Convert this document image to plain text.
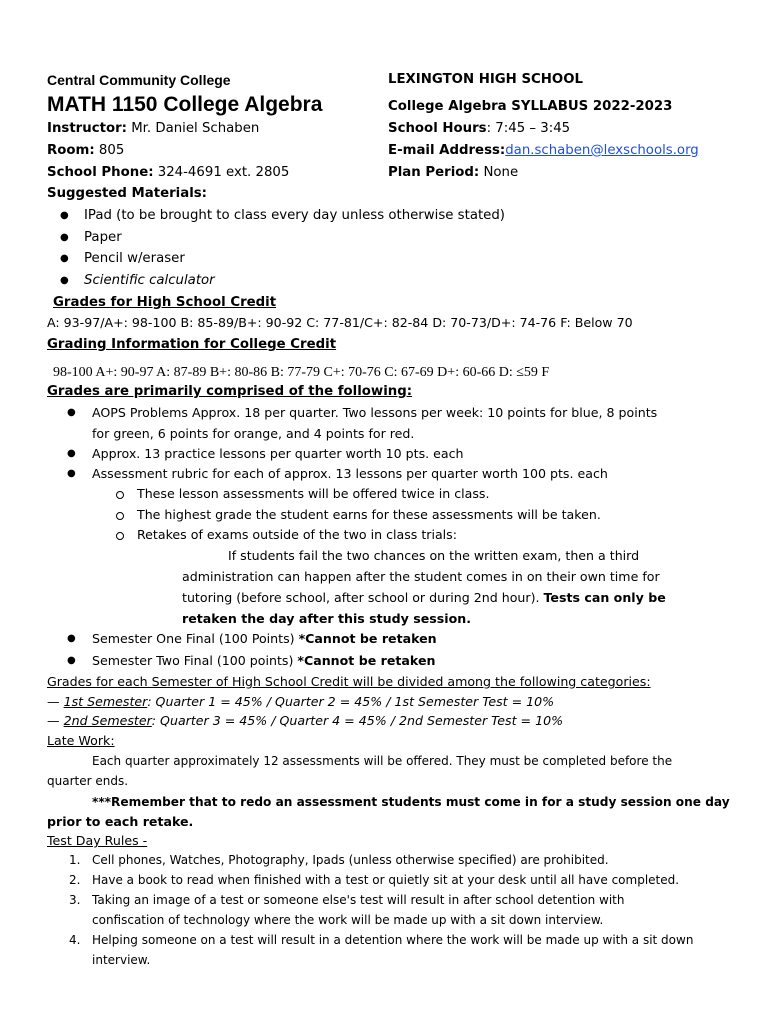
Central Community College
MATH 1150 College Algebra
Instructor: Mr. Daniel Schaben
Room: 805
School Phone: 324-4691 ext. 2805
LEXINGTON HIGH SCHOOL
College Algebra SYLLABUS 2022-2023
School Hours: 7:45 – 3:45
E-mail Address:dan.schaben@lexschools.org
Plan Period: None
Suggested Materials:
● IPad (to be brought to class every day unless otherwise stated)
● Paper
● Pencil w/eraser
● Scientific calculator
Grades for High School Credit
A: 93-97/A+: 98-100 B: 85-89/B+: 90-92 C: 77-81/C+: 82-84 D: 70-73/D+: 74-76 F: Below 70
Grading Information for College Credit
98-100 A+: 90-97 A: 87-89 B+: 80-86 B: 77-79 C+: 70-76 C: 67-69 D+: 60-66 D: ≤59 F
Grades are primarily comprised of the following:
● AOPS Problems Approx. 18 per quarter. Two lessons per week: 10 points for blue, 8 points
for green, 6 points for orange, and 4 points for red.
● Approx. 13 practice lessons per quarter worth 10 pts. each
● Assessment rubric for each of approx. 13 lessons per quarter worth 100 pts. each
These lesson assessments will be offered twice in class.
The highest grade the student earns for these assessments will be taken.
Retakes of exams outside of the two in class trials:
If students fail the two chances on the written exam, then a third
administration can happen after the student comes in on their own time for
tutoring (before school, after school or during 2nd hour). Tests can only be
retaken the day after this study session.
● Semester One Final (100 Points) *Cannot be retaken
● Semester Two Final (100 points) *Cannot be retaken
Grades for each Semester of High School Credit will be divided among the following categories:
— 1st Semester: Quarter 1 = 45% / Quarter 2 = 45% / 1st Semester Test = 10%
— 2nd Semester: Quarter 3 = 45% / Quarter 4 = 45% / 2nd Semester Test = 10%
Late Work:
Each quarter approximately 12 assessments will be offered. They must be completed before the
quarter ends.
***Remember that to redo an assessment students must come in for a study session one day
prior to each retake.
Test Day Rules -
1. Cell phones, Watches, Photography, Ipads (unless otherwise specified) are prohibited.
2. Have a book to read when finished with a test or quietly sit at your desk until all have completed.
3. Taking an image of a test or someone else's test will result in after school detention with
confiscation of technology where the work will be made up with a sit down interview.
4. Helping someone on a test will result in a detention where the work will be made up with a sit down
interview.
